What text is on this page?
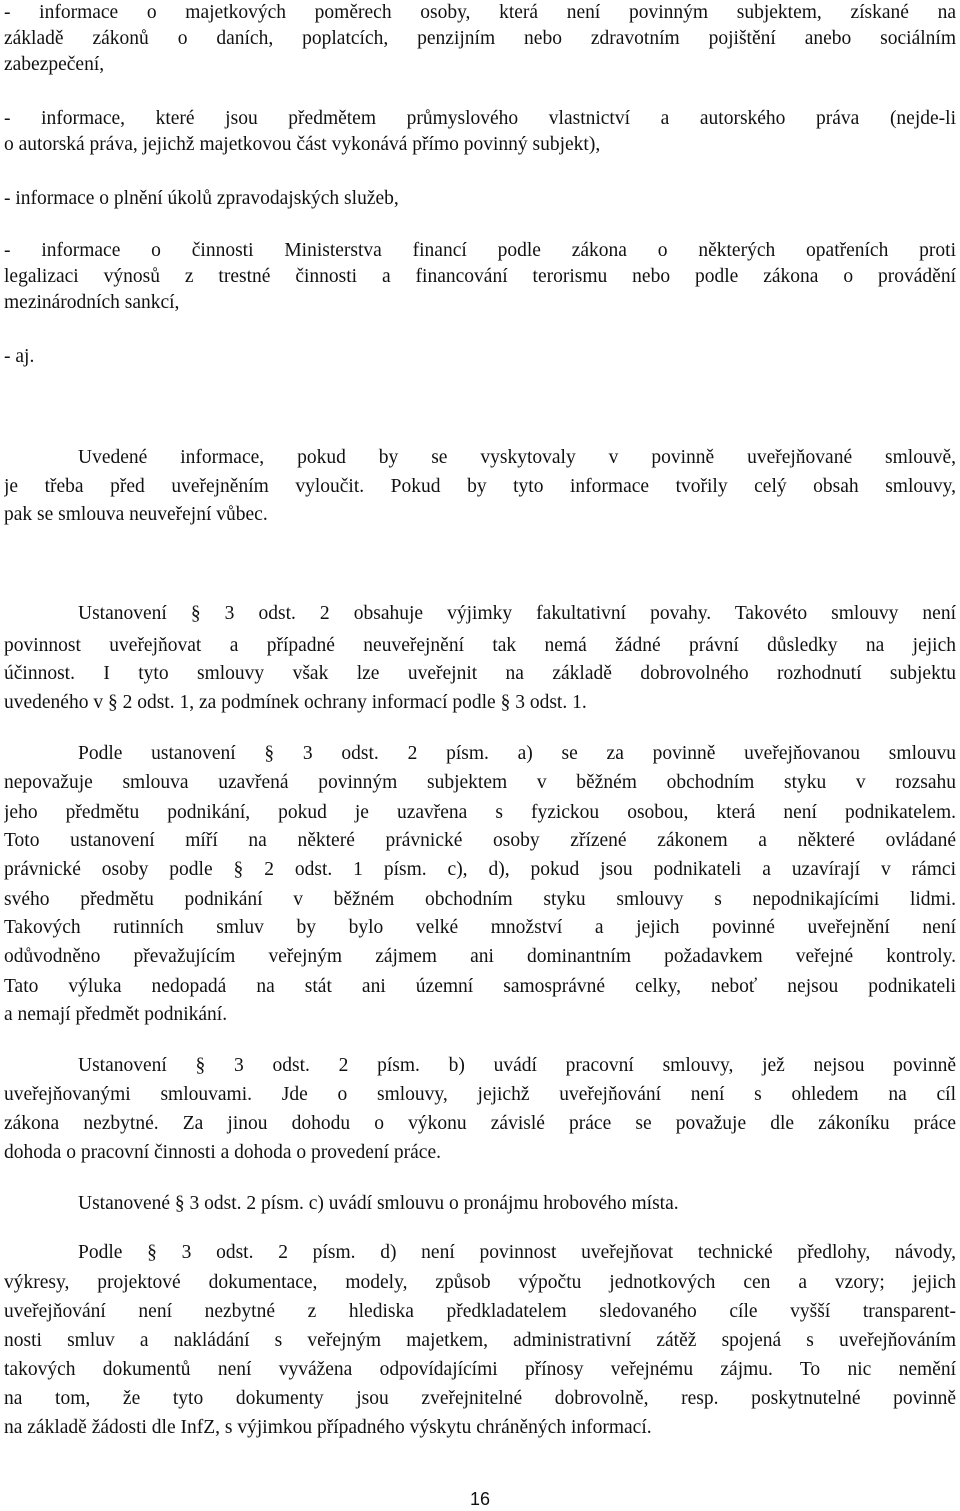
- informace o majetkových poměrech osoby, která není povinným subjektem, získané na
základě zákonů o daních, poplatcích, penzijním nebo zdravotním pojištění anebo sociálním
zabezpečení,
- informace, které jsou předmětem průmyslového vlastnictví a autorského práva (nejde-li
o autorská práva, jejichž majetkovou část vykonává přímo povinný subjekt),
- informace o plnění úkolů zpravodajských služeb,
- informace o činnosti Ministerstva financí podle zákona o některých opatřeních proti
legalizaci výnosů z trestné činnosti a financování terorismu nebo podle zákona o provádění
mezinárodních sankcí,
- aj.
Uvedené informace, pokud by se vyskytovaly v povinně uveřejňované smlouvě,
je třeba před uveřejněním vyloučit. Pokud by tyto informace tvořily celý obsah smlouvy,
pak se smlouva neuveřejní vůbec.
Ustanovení § 3 odst. 2 obsahuje výjimky fakultativní povahy. Takovéto smlouvy není
povinnost uveřejňovat a případné neuveřejnění tak nemá žádné právní důsledky na jejich
účinnost. I tyto smlouvy však lze uveřejnit na základě dobrovolného rozhodnutí subjektu
uvedeného v § 2 odst. 1, za podmínek ochrany informací podle § 3 odst. 1.
Podle ustanovení § 3 odst. 2 písm. a) se za povinně uveřejňovanou smlouvu
nepovažuje smlouva uzavřená povinným subjektem v běžném obchodním styku v rozsahu
jeho předmětu podnikání, pokud je uzavřena s fyzickou osobou, která není podnikatelem.
Toto ustanovení míří na některé právnické osoby zřízené zákonem a některé ovládané
právnické osoby podle § 2 odst. 1 písm. c), d), pokud jsou podnikateli a uzavírají v rámci
svého předmětu podnikání v běžném obchodním styku smlouvy s nepodnikajícími lidmi.
Takových rutinních smluv by bylo velké množství a jejich povinné uveřejnění není
odůvodněno převažujícím veřejným zájmem ani dominantním požadavkem veřejné kontroly.
Tato výluka nedopadá na stát ani územní samosprávné celky, neboť nejsou podnikateli
a nemají předmět podnikání.
Ustanovení § 3 odst. 2 písm. b) uvádí pracovní smlouvy, jež nejsou povinně
uveřejňovanými smlouvami. Jde o smlouvy, jejichž uveřejňování není s ohledem na cíl
zákona nezbytné. Za jinou dohodu o výkonu závislé práce se považuje dle zákoníku práce
dohoda o pracovní činnosti a dohoda o provedení práce.
Ustanovené § 3 odst. 2 písm. c) uvádí smlouvu o pronájmu hrobového místa.
Podle § 3 odst. 2 písm. d) není povinnost uveřejňovat technické předlohy, návody,
výkresy, projektové dokumentace, modely, způsob výpočtu jednotkových cen a vzory; jejich
uveřejňování není nezbytné z hlediska předkladatelem sledovaného cíle vyšší transparent-
nosti smluv a nakládání s veřejným majetkem, administrativní zátěž spojená s uveřejňováním
takových dokumentů není vyvážena odpovídajícími přínosy veřejnému zájmu. To nic nemění
na tom, že tyto dokumenty jsou zveřejnitelné dobrovolně, resp. poskytnutelné povinně
na základě žádosti dle InfZ, s výjimkou případného výskytu chráněných informací.
16
